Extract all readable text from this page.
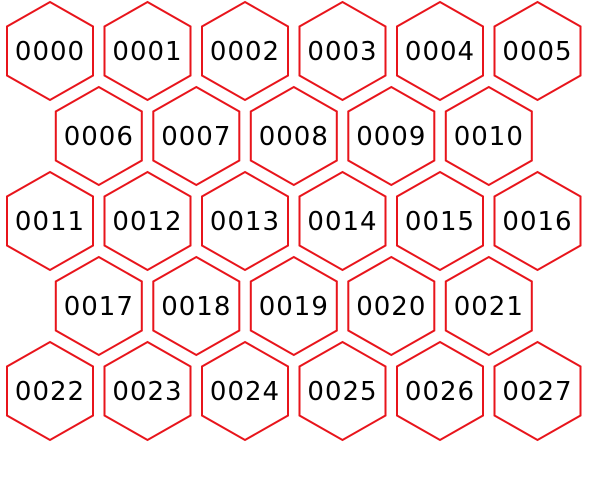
0000 0001 0002 0003 0004 0005
0006 0007 0008 0009 0010
0011 0012 0013 0014 0015 0016
0017 0018 0019 0020 0021
0022 0023 0024 0025 0026 0027
